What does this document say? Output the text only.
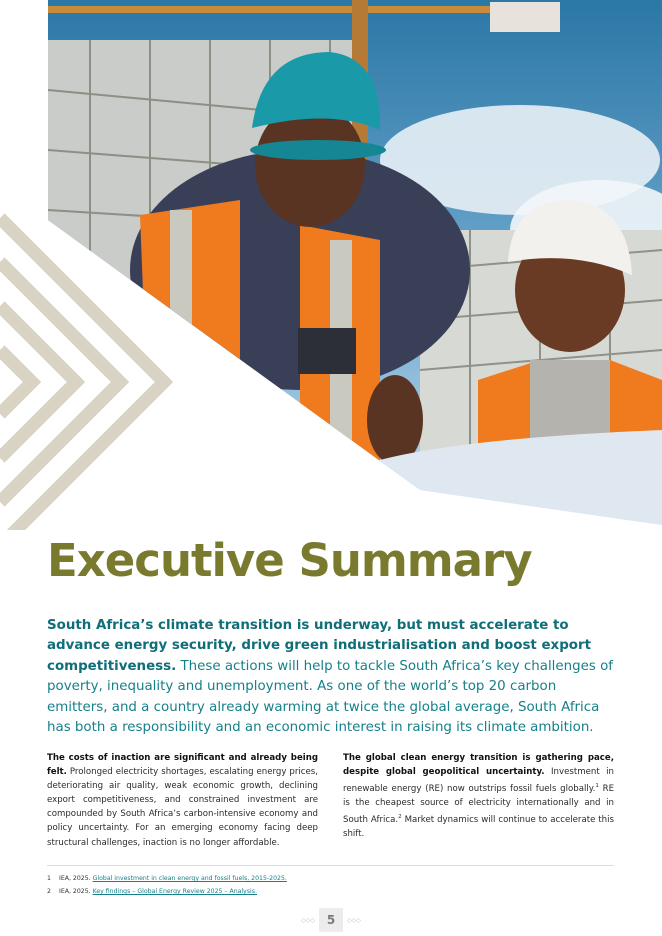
Executive Summary

South Africa’s climate transition is underway, but must accelerate to advance energy security, drive green industrialisation and boost export competitiveness. These actions will help to tackle South Africa’s key challenges of poverty, inequality and unemployment. As one of the world’s top 20 carbon emitters, and a country already warming at twice the global average, South Africa has both a responsibility and an economic interest in raising its climate ambition.

The costs of inaction are significant and already being felt. Prolonged electricity shortages, escalating energy prices, deteriorating air quality, weak economic growth, declining export competitiveness, and constrained investment are compounded by South Africa’s carbon-intensive economy and policy uncertainty. For an emerging economy facing deep structural challenges, inaction is no longer affordable.

The global clean energy transition is gathering pace, despite global geopolitical uncertainty. Investment in renewable energy (RE) now outstrips fossil fuels globally.$^1$ RE is the cheapest source of electricity internationally and in South Africa.$^2$ Market dynamics will continue to accelerate this shift.

1 IEA, 2025. Global investment in clean energy and fossil fuels, 2015-2025.
2 IEA, 2025. Key findings – Global Energy Review 2025 – Analysis.
◇◇◇ 5 ◇◇◇
